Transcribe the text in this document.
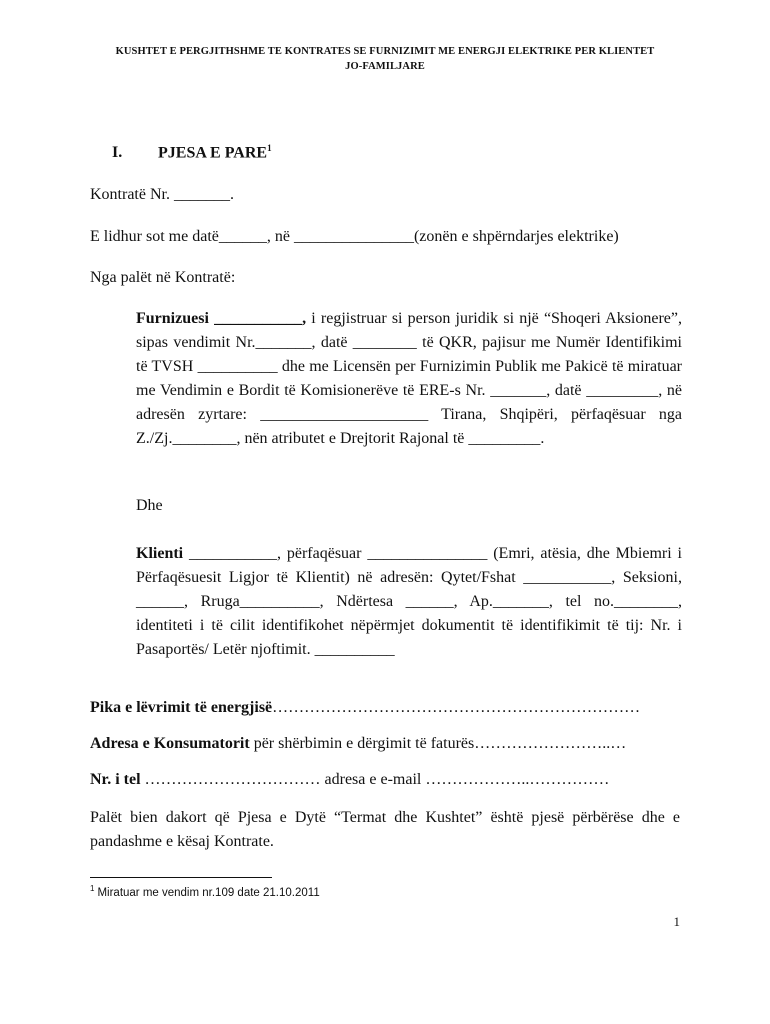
KUSHTET E PERGJITHSHME TE KONTRATES SE FURNIZIMIT ME ENERGJI ELEKTRIKE PER KLIENTET
JO-FAMILJARE
I. PJESA E PARE$^1$
Kontratë Nr. _______.
E lidhur sot me datë______, në _______________(zonën e shpërndarjes elektrike)
Nga palët në Kontratë:
Furnizuesi ___________, i regjistruar si person juridik si një “Shoqeri Aksionere”, sipas vendimit Nr._______, datë ________ të QKR, pajisur me Numër Identifikimi të TVSH __________ dhe me Licensën per Furnizimin Publik me Pakicë të miratuar me Vendimin e Bordit të Komisionerëve të ERE-s Nr. _______, datë _________, në adresën zyrtare: _____________________ Tirana, Shqipëri, përfaqësuar nga Z./Zj.________, nën atributet e Drejtorit Rajonal të _________.
Dhe
Klienti ___________, përfaqësuar _______________ (Emri, atësia, dhe Mbiemri i Përfaqësuesit Ligjor të Klientit) në adresën: Qytet/Fshat ___________, Seksioni, ______, Rruga__________, Ndërtesa ______, Ap._______, tel no.________, identiteti i të cilit identifikohet nëpërmjet dokumentit të identifikimit të tij: Nr. i Pasaportës/ Letër njoftimit. __________
Pika e lëvrimit të energjisë……………………………………………………………
Adresa e Konsumatorit për shërbimin e dërgimit të faturës……………………..…
Nr. i tel …………………………… adresa e e-mail ………………..……………
Palët bien dakort që Pjesa e Dytë “Termat dhe Kushtet” është pjesë përbërëse dhe e pandashme e kësaj Kontrate.
$^1$ Miratuar me vendim nr.109 date 21.10.2011
1
